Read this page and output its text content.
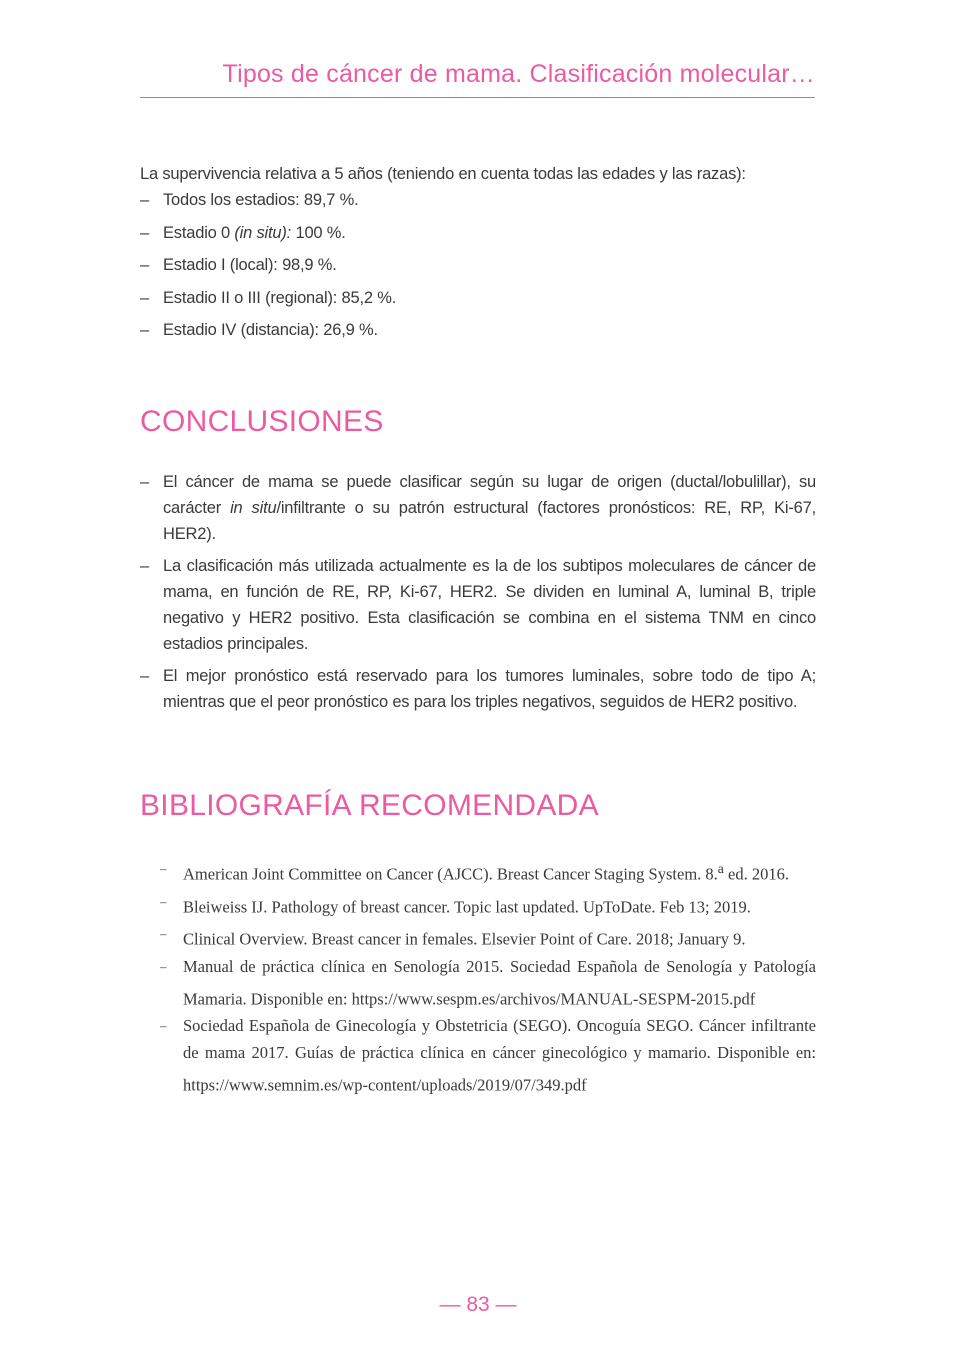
Tipos de cáncer de mama. Clasificación molecular…

La supervivencia relativa a 5 años (teniendo en cuenta todas las edades y las razas):

– Todos los estadios: 89,7 %.
– Estadio 0 (in situ): 100 %.
– Estadio I (local): 98,9 %.
– Estadio II o III (regional): 85,2 %.
– Estadio IV (distancia): 26,9 %.
CONCLUSIONES
– El cáncer de mama se puede clasificar según su lugar de origen (ductal/lobulillar), su carácter in situ/infiltrante o su patrón estructural (factores pronósticos: RE, RP, Ki-67, HER2).
– La clasificación más utilizada actualmente es la de los subtipos moleculares de cáncer de mama, en función de RE, RP, Ki-67, HER2. Se dividen en luminal A, luminal B, triple negativo y HER2 positivo. Esta clasificación se combina en el sistema TNM en cinco estadios principales.
– El mejor pronóstico está reservado para los tumores luminales, sobre todo de tipo A; mientras que el peor pronóstico es para los triples negativos, seguidos de HER2 positivo.
BIBLIOGRAFÍA RECOMENDADA
– American Joint Committee on Cancer (AJCC). Breast Cancer Staging System. 8.$^a$ ed. 2016.
– Bleiweiss IJ. Pathology of breast cancer. Topic last updated. UpToDate. Feb 13; 2019.
– Clinical Overview. Breast cancer in females. Elsevier Point of Care. 2018; January 9.
– Manual de práctica clínica en Senología 2015. Sociedad Española de Senología y Patología Mamaria. Disponible en: https://www.sespm.es/archivos/MANUAL-SESPM-2015.pdf
– Sociedad Española de Ginecología y Obstetricia (SEGO). Oncoguía SEGO. Cáncer infiltrante de mama 2017. Guías de práctica clínica en cáncer ginecológico y mamario. Disponible en: https://www.semnim.es/wp-content/uploads/2019/07/349.pdf
— 83 —
